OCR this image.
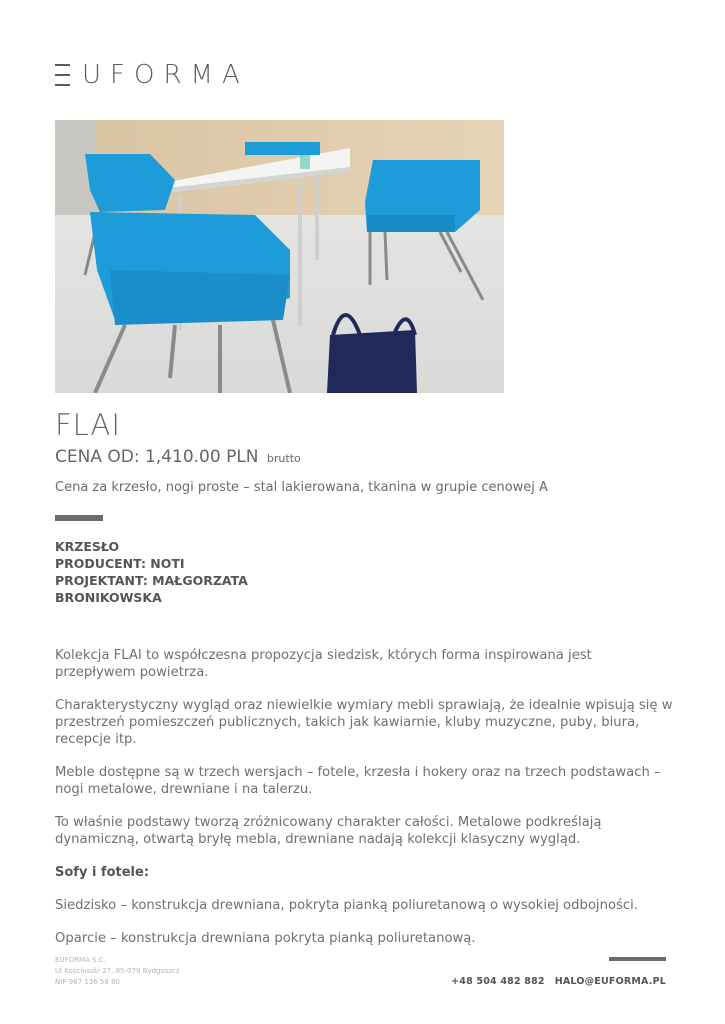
UFORMA
FLAI
CENA OD: 1,410.00 PLN brutto
Cena za krzesło, nogi proste – stal lakierowana, tkanina w grupie cenowej A
KRZESŁO
PRODUCENT: NOTI
PROJEKTANT: MAŁGORZATA
BRONIKOWSKA

Kolekcja FLAI to współczesna propozycja siedzisk, których forma inspirowana jest przepływem powietrza.

Charakterystyczny wygląd oraz niewielkie wymiary mebli sprawiają, że idealnie wpisują się w przestrzeń pomieszczeń publicznych, takich jak kawiarnie, kluby muzyczne, puby, biura, recepcje itp.

Meble dostępne są w trzech wersjach – fotele, krzesła i hokery oraz na trzech podstawach – nogi metalowe, drewniane i na talerzu.

To właśnie podstawy tworzą zróżnicowany charakter całości. Metalowe podkreślają dynamiczną, otwartą bryłę mebla, drewniane nadają kolekcji klasyczny wygląd.

Sofy i fotele:

Siedzisko – konstrukcja drewniana, pokryta pianką poliuretanową o wysokiej odbojności.

Oparcie – konstrukcja drewniana pokryta pianką poliuretanową.

EUFORMA S.C.
Ul Kościuszki 27, 85-079 Bydgoszcz
NIP 967 136 58 80	+48 504 482 882 HALO@EUFORMA.PL
